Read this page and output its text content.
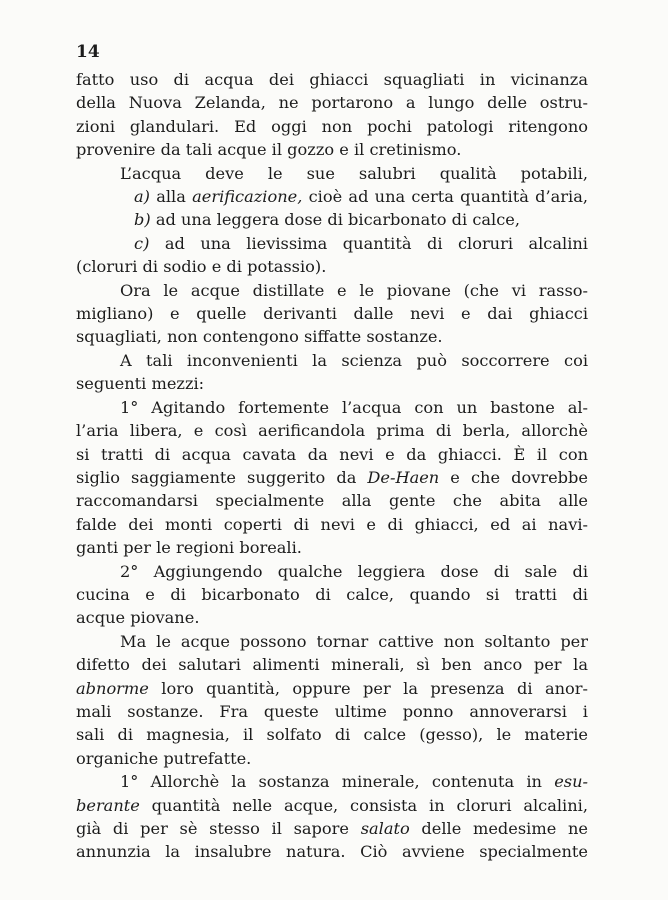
14

fatto uso di acqua dei ghiacci squagliati in vicinanza
della Nuova Zelanda, ne portarono a lungo delle ostru-
zioni glandulari. Ed oggi non pochi patologi ritengono
provenire da tali acque il gozzo e il cretinismo.
L’acqua deve le sue salubri qualità potabili,
a) alla aerificazione, cioè ad una certa quantità d’aria,
b) ad una leggera dose di bicarbonato di calce,
c) ad una lievissima quantità di cloruri alcalini
(cloruri di sodio e di potassio).
Ora le acque distillate e le piovane (che vi rasso-
migliano) e quelle derivanti dalle nevi e dai ghiacci
squagliati, non contengono siffatte sostanze.
A tali inconvenienti la scienza può soccorrere coi
seguenti mezzi:
1° Agitando fortemente l’acqua con un bastone al-
l’aria libera, e così aerificandola prima di berla, allorchè
si tratti di acqua cavata da nevi e da ghiacci. È il con
siglio saggiamente suggerito da De-Haen e che dovrebbe
raccomandarsi specialmente alla gente che abita alle
falde dei monti coperti di nevi e di ghiacci, ed ai navi-
ganti per le regioni boreali.
2° Aggiungendo qualche leggiera dose di sale di
cucina e di bicarbonato di calce, quando si tratti di
acque piovane.
Ma le acque possono tornar cattive non soltanto per
difetto dei salutari alimenti minerali, sì ben anco per la
abnorme loro quantità, oppure per la presenza di anor-
mali sostanze. Fra queste ultime ponno annoverarsi i
sali di magnesia, il solfato di calce (gesso), le materie
organiche putrefatte.
1° Allorchè la sostanza minerale, contenuta in esu-
berante quantità nelle acque, consista in cloruri alcalini,
già di per sè stesso il sapore salato delle medesime ne
annunzia la insalubre natura. Ciò avviene specialmente
